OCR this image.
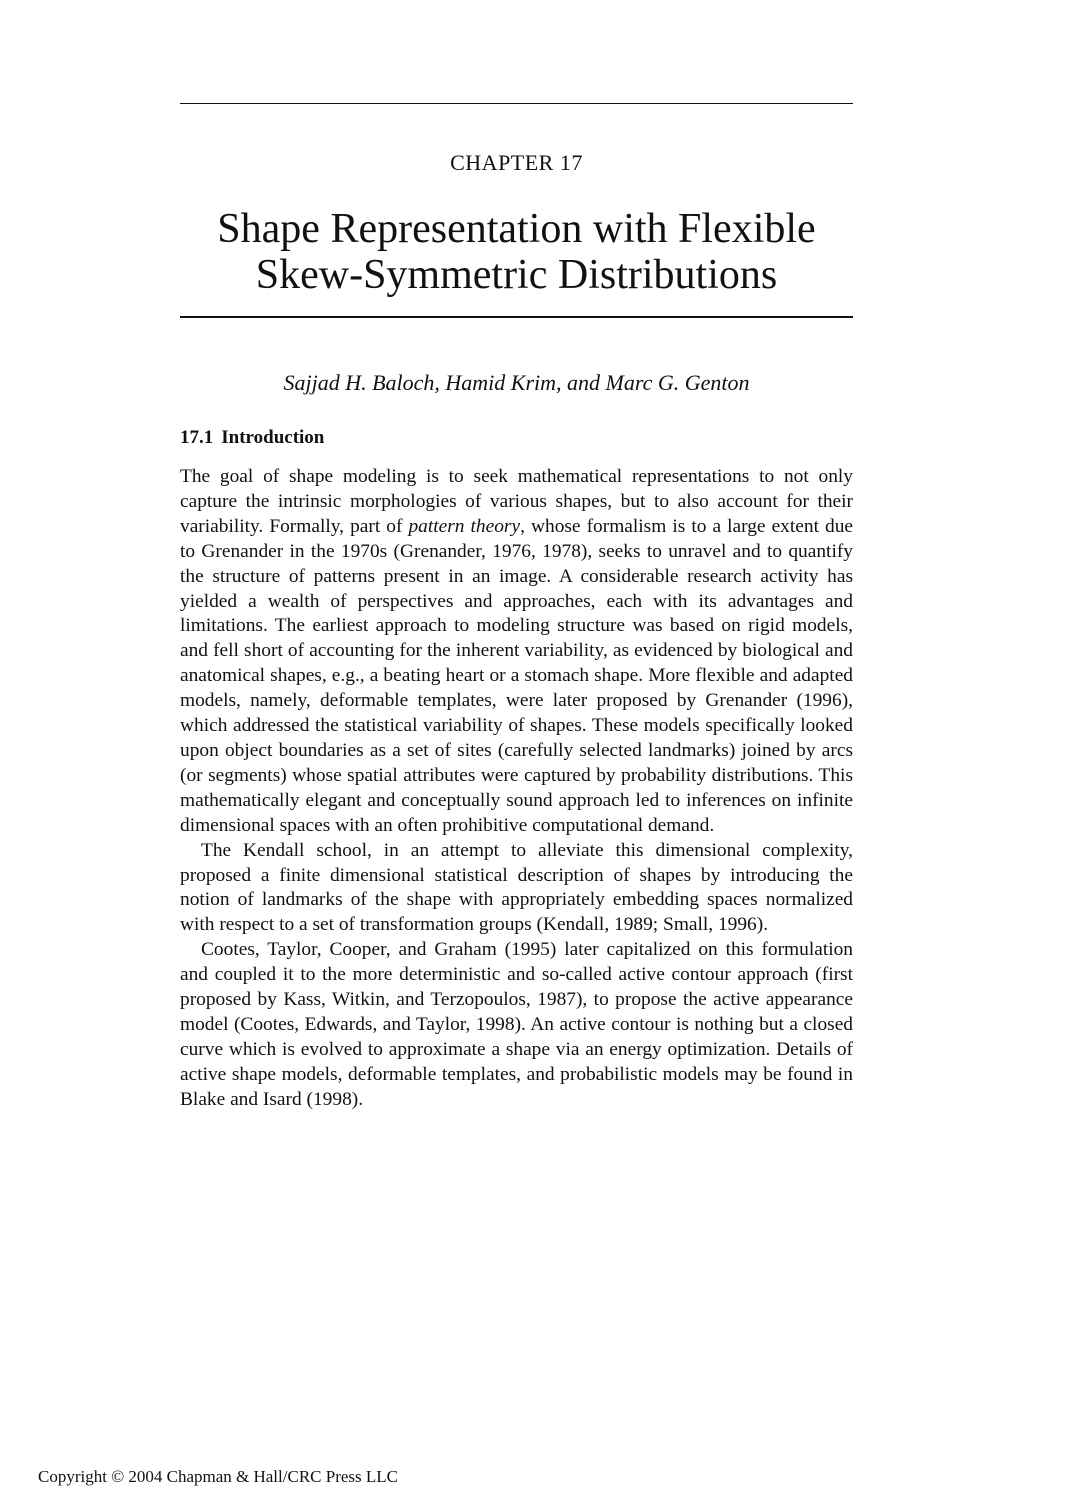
CHAPTER 17
Shape Representation with Flexible
Skew-Symmetric Distributions
Sajjad H. Baloch, Hamid Krim, and Marc G. Genton
17.1 Introduction

The goal of shape modeling is to seek mathematical representations to not only capture the intrinsic morphologies of various shapes, but to also account for their variability. Formally, part of pattern theory, whose formalism is to a large extent due to Grenander in the 1970s (Grenander, 1976, 1978), seeks to unravel and to quantify the structure of patterns present in an image. A considerable research activity has yielded a wealth of perspectives and approaches, each with its advantages and limitations. The earliest approach to modeling structure was based on rigid models, and fell short of accounting for the inherent variability, as evidenced by biological and anatomical shapes, e.g., a beating heart or a stomach shape. More flexible and adapted models, namely, deformable templates, were later proposed by Grenander (1996), which addressed the statistical variability of shapes. These models specifically looked upon object boundaries as a set of sites (carefully selected landmarks) joined by arcs (or segments) whose spatial attributes were captured by probability distributions. This mathematically elegant and conceptually sound approach led to inferences on infinite dimensional spaces with an often prohibitive computational demand.

The Kendall school, in an attempt to alleviate this dimensional complexity, proposed a finite dimensional statistical description of shapes by introducing the notion of landmarks of the shape with appropriately embedding spaces normalized with respect to a set of transformation groups (Kendall, 1989; Small, 1996).

Cootes, Taylor, Cooper, and Graham (1995) later capitalized on this formulation and coupled it to the more deterministic and so-called active contour approach (first proposed by Kass, Witkin, and Terzopoulos, 1987), to propose the active appearance model (Cootes, Edwards, and Taylor, 1998). An active contour is nothing but a closed curve which is evolved to approximate a shape via an energy optimization. Details of active shape models, deformable templates, and probabilistic models may be found in Blake and Isard (1998).

Copyright © 2004 Chapman & Hall/CRC Press LLC
